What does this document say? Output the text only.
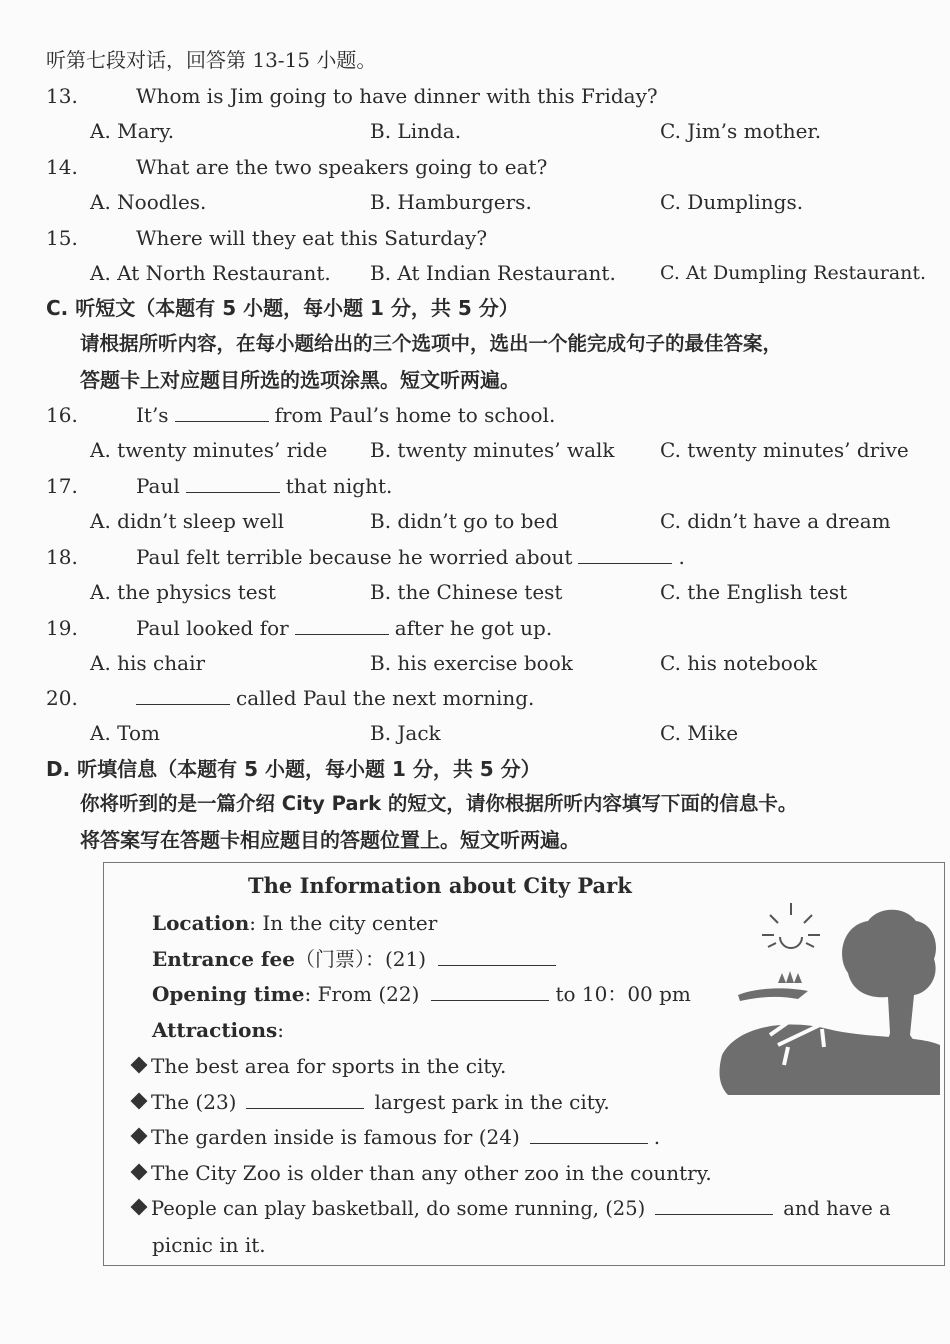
听第七段对话，回答第 13-15 小题。
13.	Whom is Jim going to have dinner with this Friday?
A. Mary.	B. Linda.	C. Jim’s mother.
14.	What are the two speakers going to eat?
A. Noodles.	B. Hamburgers.	C. Dumplings.
15.	Where will they eat this Saturday?
A. At North Restaurant. B. At Indian Restaurant. C. At Dumpling Restaurant.
C. 听短文（本题有 5 小题，每小题 1 分，共 5 分）
请根据所听内容，在每小题给出的三个选项中，选出一个能完成句子的最佳答案，
答题卡上对应题目所选的选项涂黑。短文听两遍。
16.	It’s	from Paul’s home to school.
A. twenty minutes’ ride B. twenty minutes’ walk C. twenty minutes’ drive
17.	Paul	that night.
A. didn’t sleep well	B. didn’t go to bed	C. didn’t have a dream
18.	Paul felt terrible because he worried about	.
A. the physics test	B. the Chinese test	C. the English test
19.	Paul looked for	after he got up.
A. his chair	B. his exercise book	C. his notebook
20.	called Paul the next morning.
A. Tom	B. Jack	C. Mike
D. 听填信息（本题有 5 小题，每小题 1 分，共 5 分）
你将听到的是一篇介绍 City Park 的短文，请你根据所听内容填写下面的信息卡。
将答案写在答题卡相应题目的答题位置上。短文听两遍。
The Information about City Park
Location: In the city center
Entrance fee（门票）：(21)
Opening time: From (22)	to 10：00 pm
Attractions:
The best area for sports in the city.
The (23)	largest park in the city.
The garden inside is famous for (24)	.
The City Zoo is older than any other zoo in the country.
People can play basketball, do some running, (25)	and have a
picnic in it.
